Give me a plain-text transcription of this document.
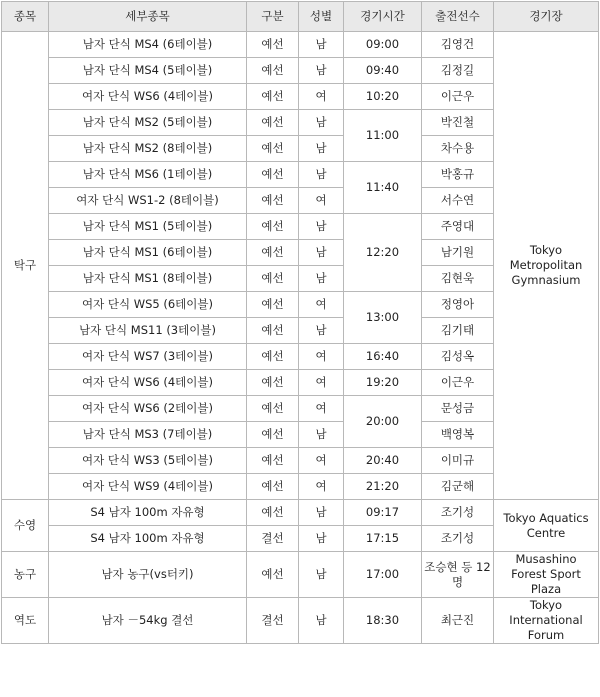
종목	세부종목	구분	성별	경기시간	출전선수	경기장
탁구	남자 단식 MS4 (6테이블)	예선	남	09:00	김영건	Tokyo Metropolitan Gymnasium
	남자 단식 MS4 (5테이블)	예선	남	09:40	김정길	
	여자 단식 WS6 (4테이블)	예선	여	10:20	이근우	
	남자 단식 MS2 (5테이블)	예선	남	11:00	박진철	
	남자 단식 MS2 (8테이블)	예선	남		차수용	
	남자 단식 MS6 (1테이블)	예선	남	11:40	박홍규	
	여자 단식 WS1-2 (8테이블)	예선	여		서수연	
	남자 단식 MS1 (5테이블)	예선	남	12:20	주영대	
	남자 단식 MS1 (6테이블)	예선	남		남기원	
	남자 단식 MS1 (8테이블)	예선	남		김현욱	
	여자 단식 WS5 (6테이블)	예선	여	13:00	정영아	
	남자 단식 MS11 (3테이블)	예선	남		김기태	
	여자 단식 WS7 (3테이블)	예선	여	16:40	김성옥	
	여자 단식 WS6 (4테이블)	예선	여	19:20	이근우	
	여자 단식 WS6 (2테이블)	예선	여	20:00	문성금	
	남자 단식 MS3 (7테이블)	예선	남		백영복	
	여자 단식 WS3 (5테이블)	예선	여	20:40	이미규	
	여자 단식 WS9 (4테이블)	예선	여	21:20	김군해	
수영	S4 남자 100m 자유형	예선	남	09:17	조기성	Tokyo Aquatics Centre
	S4 남자 100m 자유형	결선	남	17:15	조기성	
농구	남자 농구(vs터키)	예선	남	17:00	조승현 등 12명	Musashino Forest Sport Plaza
역도	남자 －54kg 결선	결선	남	18:30	최근진	Tokyo International Forum
